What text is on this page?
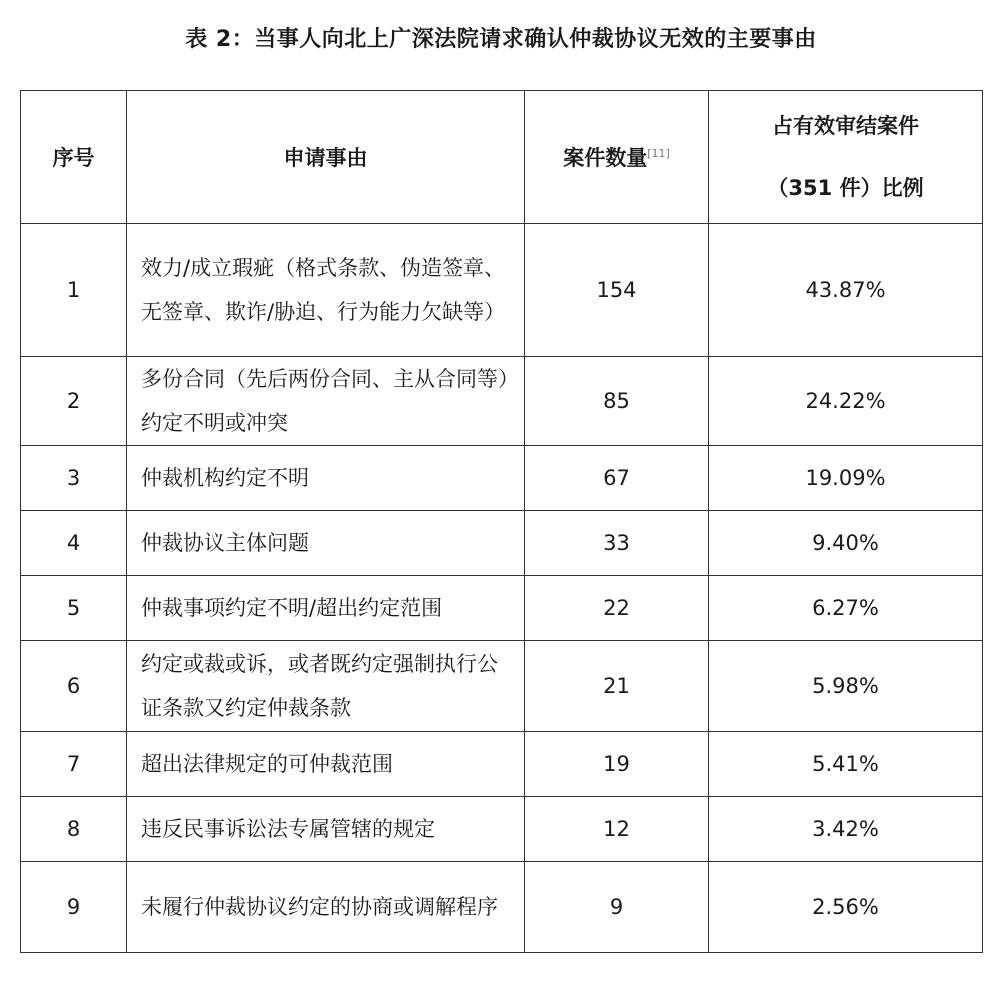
表 2：当事人向北上广深法院请求确认仲裁协议无效的主要事由
序号	申请事由	案件数量[11]	占有效审结案件
（351 件）比例

1	效力/成立瑕疵（格式条款、伪造签章、无签章、欺诈/胁迫、行为能力欠缺等）	154	43.87%
2	多份合同（先后两份合同、主从合同等）约定不明或冲突	85	24.22%
3	仲裁机构约定不明	67	19.09%
4	仲裁协议主体问题	33	9.40%
5	仲裁事项约定不明/超出约定范围	22	6.27%
6	约定或裁或诉，或者既约定强制执行公证条款又约定仲裁条款	21	5.98%
7	超出法律规定的可仲裁范围	19	5.41%
8	违反民事诉讼法专属管辖的规定	12	3.42%
9	未履行仲裁协议约定的协商或调解程序	9	2.56%
